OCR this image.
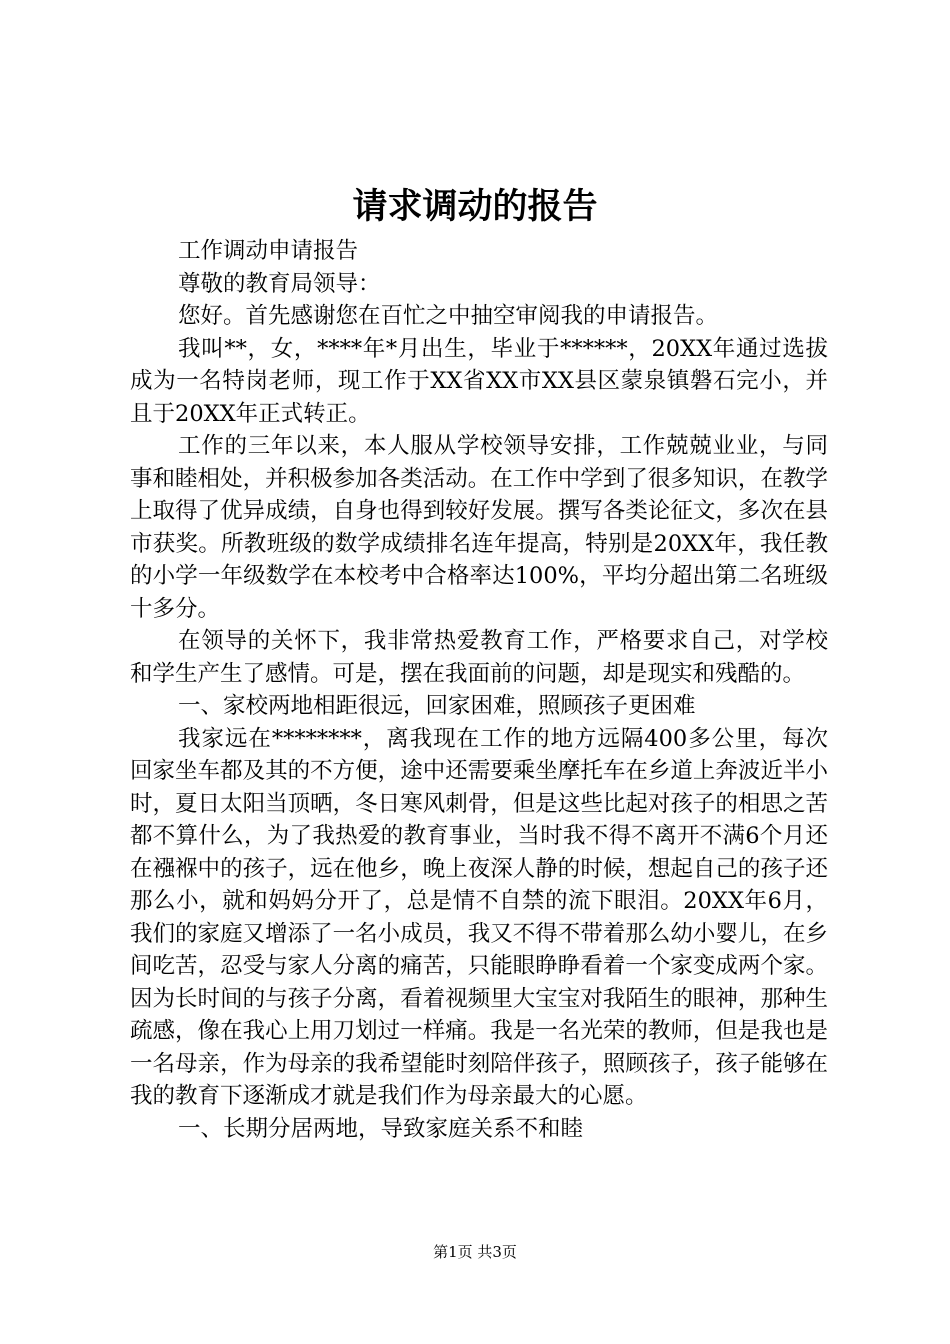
请求调动的报告

工作调动申请报告

尊敬的教育局领导：

您好。首先感谢您在百忙之中抽空审阅我的申请报告。

我叫**，女，****年*月出生，毕业于******，20XX年通过选拔成为一名特岗老师，现工作于XX省XX市XX县区蒙泉镇磐石完小，并且于20XX年正式转正。

工作的三年以来，本人服从学校领导安排，工作兢兢业业，与同事和睦相处，并积极参加各类活动。在工作中学到了很多知识，在教学上取得了优异成绩，自身也得到较好发展。撰写各类论征文，多次在县市获奖。所教班级的数学成绩排名连年提高，特别是20XX年，我任教的小学一年级数学在本校考中合格率达100%，平均分超出第二名班级十多分。

在领导的关怀下，我非常热爱教育工作，严格要求自己，对学校和学生产生了感情。可是，摆在我面前的问题，却是现实和残酷的。

一、家校两地相距很远，回家困难，照顾孩子更困难

我家远在********，离我现在工作的地方远隔400多公里，每次回家坐车都及其的不方便，途中还需要乘坐摩托车在乡道上奔波近半小时，夏日太阳当顶晒，冬日寒风刺骨，但是这些比起对孩子的相思之苦都不算什么，为了我热爱的教育事业，当时我不得不离开不满6个月还在襁褓中的孩子，远在他乡，晚上夜深人静的时候，想起自己的孩子还那么小，就和妈妈分开了，总是情不自禁的流下眼泪。20XX年6月，我们的家庭又增添了一名小成员，我又不得不带着那么幼小婴儿，在乡间吃苦，忍受与家人分离的痛苦，只能眼睁睁看着一个家变成两个家。因为长时间的与孩子分离，看着视频里大宝宝对我陌生的眼神，那种生疏感，像在我心上用刀划过一样痛。我是一名光荣的教师，但是我也是一名母亲，作为母亲的我希望能时刻陪伴孩子，照顾孩子，孩子能够在我的教育下逐渐成才就是我们作为母亲最大的心愿。

一、长期分居两地，导致家庭关系不和睦

第1页 共3页
